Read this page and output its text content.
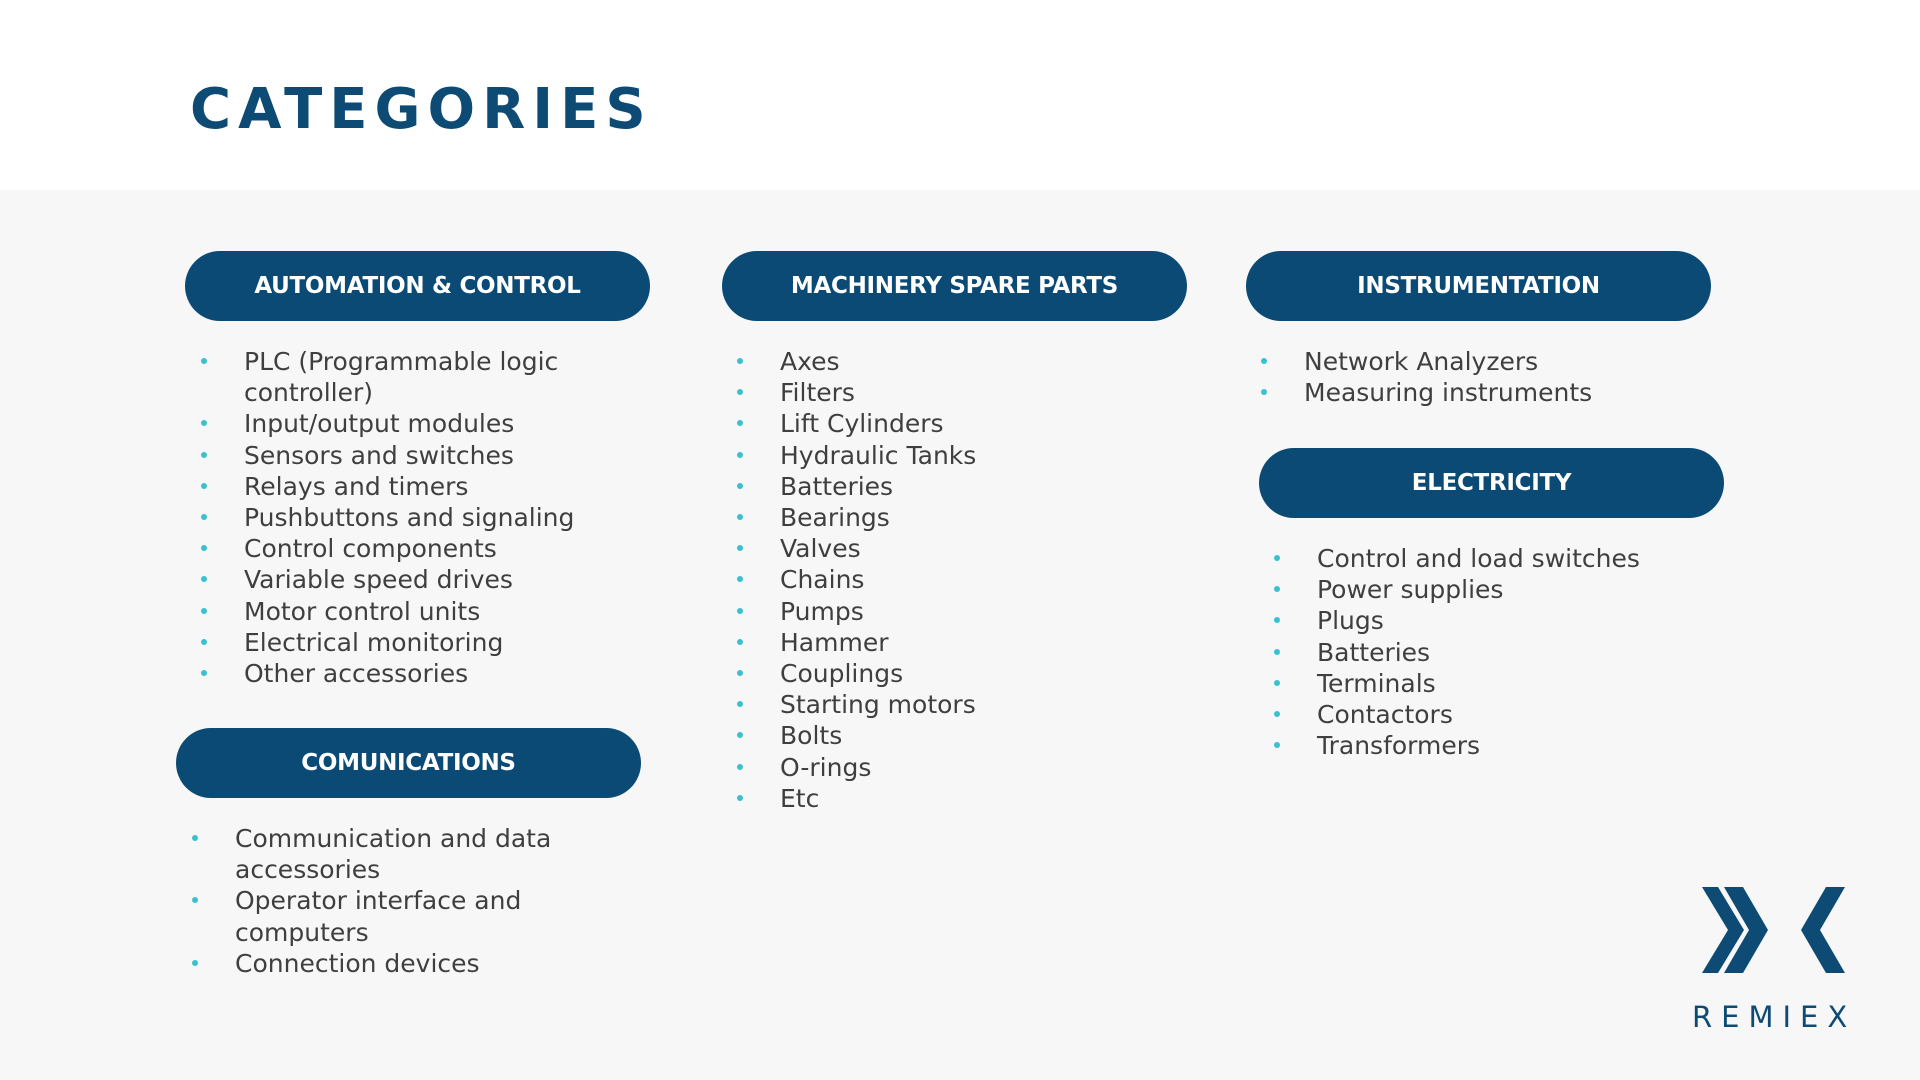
CATEGORIES
AUTOMATION & CONTROL
PLC (Programmable logic controller)
Input/output modules
Sensors and switches
Relays and timers
Pushbuttons and signaling
Control components
Variable speed drives
Motor control units
Electrical monitoring
Other accessories
COMUNICATIONS
Communication and data accessories
Operator interface and computers
Connection devices
MACHINERY SPARE PARTS
Axes
Filters
Lift Cylinders
Hydraulic Tanks
Batteries
Bearings
Valves
Chains
Pumps
Hammer
Couplings
Starting motors
Bolts
O-rings
Etc
INSTRUMENTATION
Network Analyzers
Measuring instruments
ELECTRICITY
Control and load switches
Power supplies
Plugs
Batteries
Terminals
Contactors
Transformers
REMIEX
